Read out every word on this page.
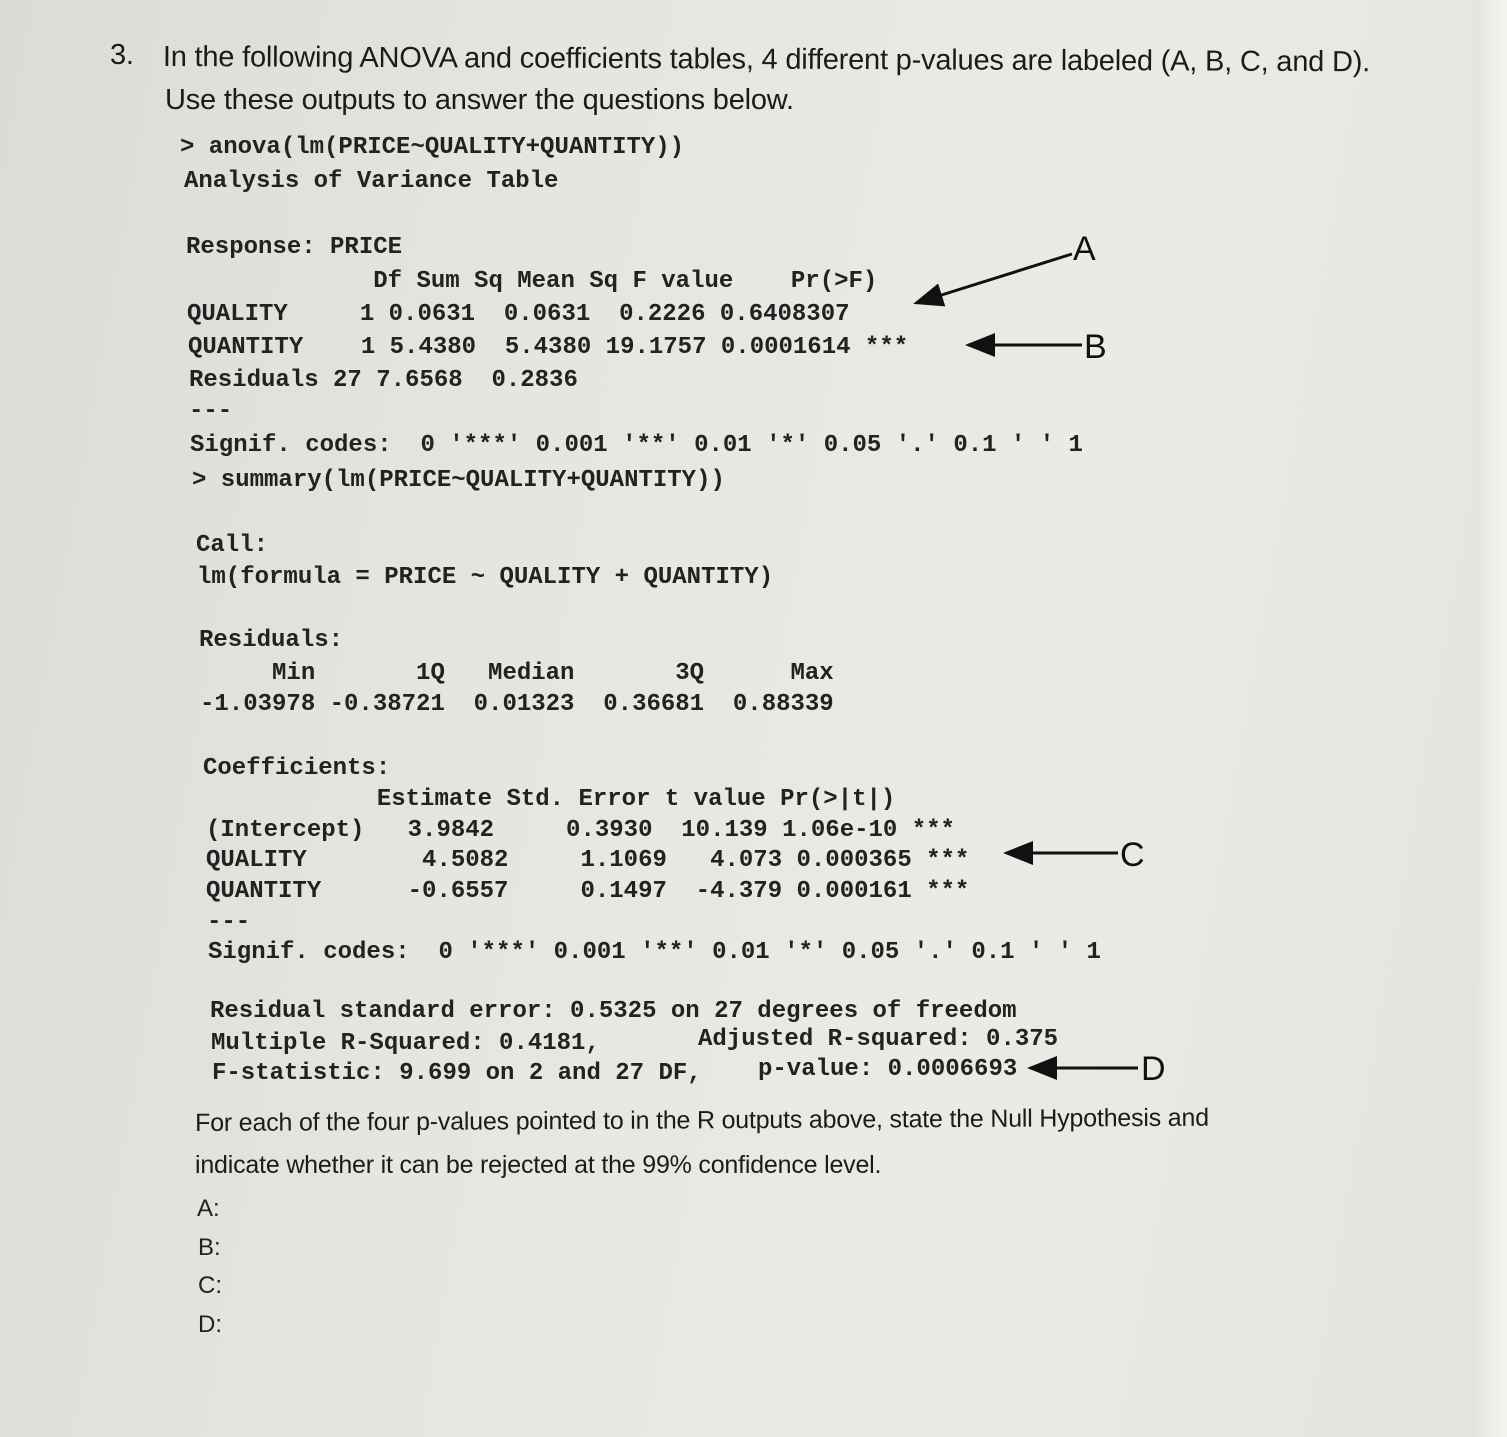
3. In the following ANOVA and coefficients tables, 4 different p-values are labeled (A, B, C, and D).
Use these outputs to answer the questions below.
> anova(lm(PRICE~QUALITY+QUANTITY))
Analysis of Variance Table
Response: PRICE
Df Sum Sq Mean Sq F value    Pr(>F)
QUALITY     1 0.0631  0.0631  0.2226 0.6408307
QUANTITY    1 5.4380  5.4380 19.1757 0.0001614 ***
Residuals 27 7.6568  0.2836
---
Signif. codes:  0 '***' 0.001 '**' 0.01 '*' 0.05 '.' 0.1 ' ' 1
> summary(lm(PRICE~QUALITY+QUANTITY))
Call:
lm(formula = PRICE ~ QUALITY + QUANTITY)
Residuals:
Min       1Q   Median       3Q      Max
-1.03978 -0.38721  0.01323  0.36681  0.88339
Coefficients:
Estimate Std. Error t value Pr(>|t|)
(Intercept)   3.9842     0.3930  10.139 1.06e-10 ***
QUALITY        4.5082     1.1069   4.073 0.000365 ***
QUANTITY      -0.6557     0.1497  -4.379 0.000161 ***
---
Signif. codes:  0 '***' 0.001 '**' 0.01 '*' 0.05 '.' 0.1 ' ' 1
Residual standard error: 0.5325 on 27 degrees of freedom
Multiple R-Squared: 0.4181,	Adjusted R-squared: 0.375
F-statistic: 9.699 on 2 and 27 DF, p-value: 0.0006693
A
B
C
D
For each of the four p-values pointed to in the R outputs above, state the Null Hypothesis and
indicate whether it can be rejected at the 99% confidence level.
A:
B:
C:
D:
